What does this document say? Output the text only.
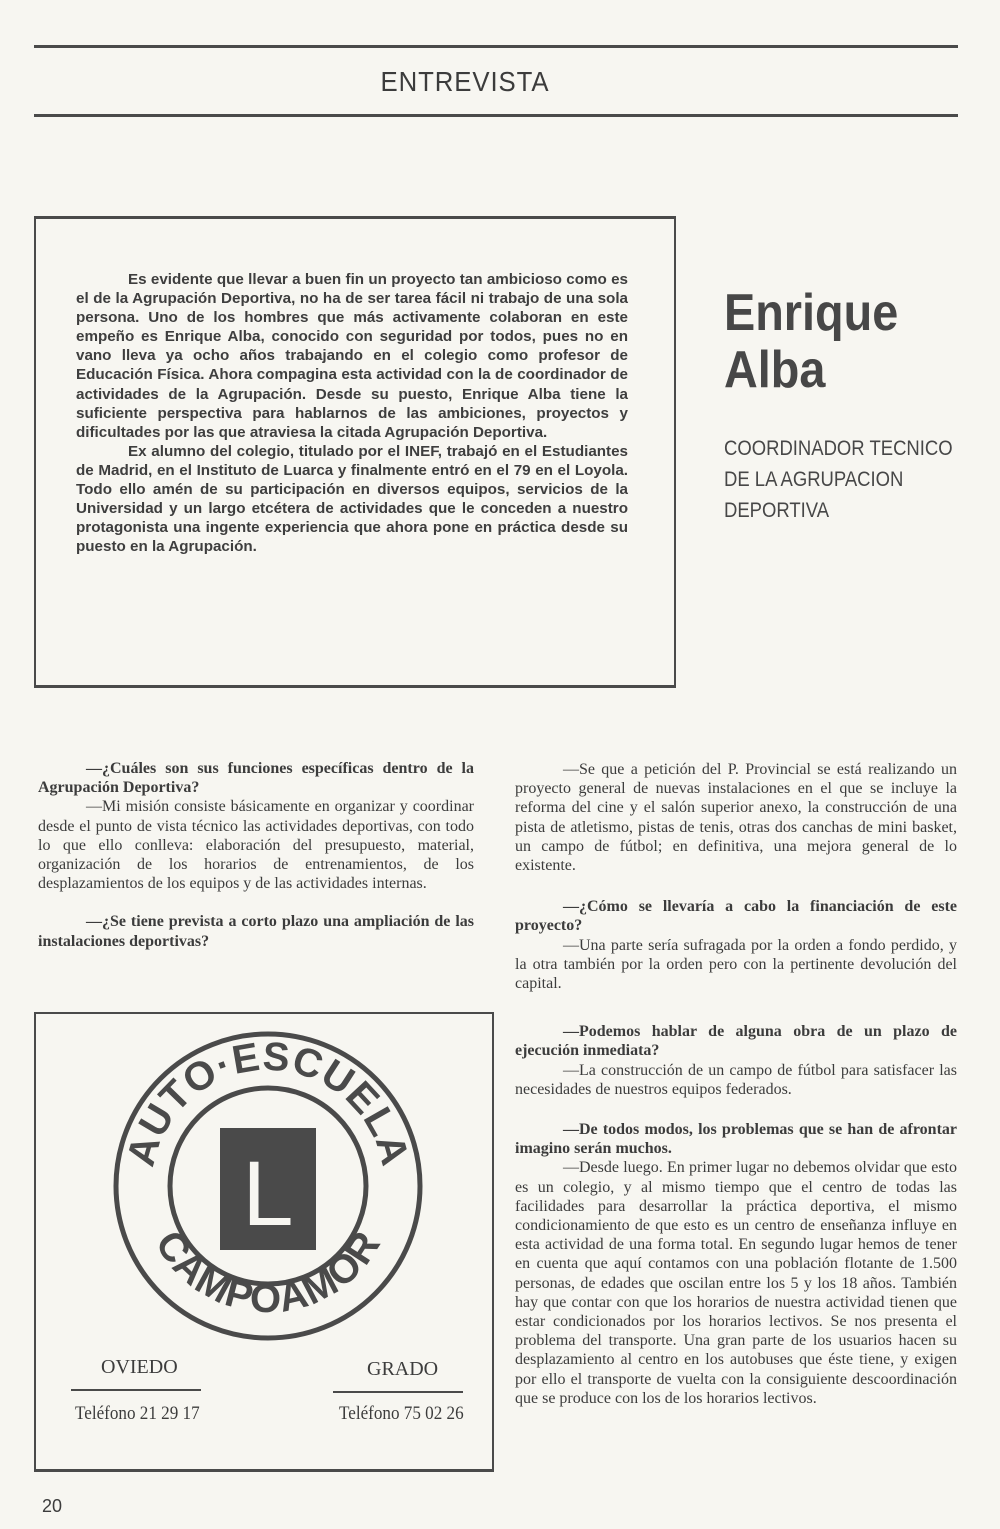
ENTREVISTA

Es evidente que llevar a buen fin un proyecto tan ambicioso como es el de la Agrupación Deportiva, no ha de ser tarea fácil ni trabajo de una sola persona. Uno de los hombres que más activamente colaboran en este empeño es Enrique Alba, conocido con seguridad por todos, pues no en vano lleva ya ocho años trabajando en el colegio como profesor de Educación Física. Ahora compagina esta actividad con la de coordinador de actividades de la Agrupación. Desde su puesto, Enrique Alba tiene la suficiente perspectiva para hablarnos de las ambiciones, proyectos y dificultades por las que atraviesa la citada Agrupación Deportiva.

Ex alumno del colegio, titulado por el INEF, trabajó en el Estudiantes de Madrid, en el Instituto de Luarca y finalmente entró en el 79 en el Loyola. Todo ello amén de su participación en diversos equipos, servicios de la Universidad y un largo etcétera de actividades que le conceden a nuestro protagonista una ingente experiencia que ahora pone en práctica desde su puesto en la Agrupación.

Enrique
Alba
COORDINADOR TECNICO
DE LA AGRUPACION
DEPORTIVA

—¿Cuáles son sus funciones específicas dentro de la Agrupación Deportiva?

—Mi misión consiste básicamente en organizar y coordinar desde el punto de vista técnico las actividades deportivas, con todo lo que ello conlleva: elaboración del presupuesto, material, organización de los horarios de entrenamientos, de los desplazamientos de los equipos y de las actividades internas.

—¿Se tiene prevista a corto plazo una ampliación de las instalaciones deportivas?

—Se que a petición del P. Provincial se está realizando un proyecto general de nuevas instalaciones en el que se incluye la reforma del cine y el salón superior anexo, la construcción de una pista de atletismo, pistas de tenis, otras dos canchas de mini basket, un campo de fútbol; en definitiva, una mejora general de lo existente.

—¿Cómo se llevaría a cabo la financiación de este proyecto?

—Una parte sería sufragada por la orden a fondo perdido, y la otra también por la orden pero con la pertinente devolución del capital.

—Podemos hablar de alguna obra de un plazo de ejecución inmediata?

—La construcción de un campo de fútbol para satisfacer las necesidades de nuestros equipos federados.

—De todos modos, los problemas que se han de afrontar imagino serán muchos.

—Desde luego. En primer lugar no debemos olvidar que esto es un colegio, y al mismo tiempo que el centro de todas las facilidades para desarrollar la práctica deportiva, el mismo condicionamiento de que esto es un centro de enseñanza influye en esta actividad de una forma total. En segundo lugar hemos de tener en cuenta que aquí contamos con una población flotante de 1.500 personas, de edades que oscilan entre los 5 y los 18 años. También hay que contar con que los horarios de nuestra actividad tienen que estar condicionados por los horarios lectivos. Se nos presenta el problema del transporte. Una gran parte de los usuarios hacen su desplazamiento al centro en los autobuses que éste tiene, y exigen por ello el transporte de vuelta con la consiguiente descoordinación que se produce con los de los horarios lectivos.

AUTO·ESCUELA
CAMPOAMOR
L
OVIEDO
Teléfono 21 29 17
GRADO
Teléfono 75 02 26
20
